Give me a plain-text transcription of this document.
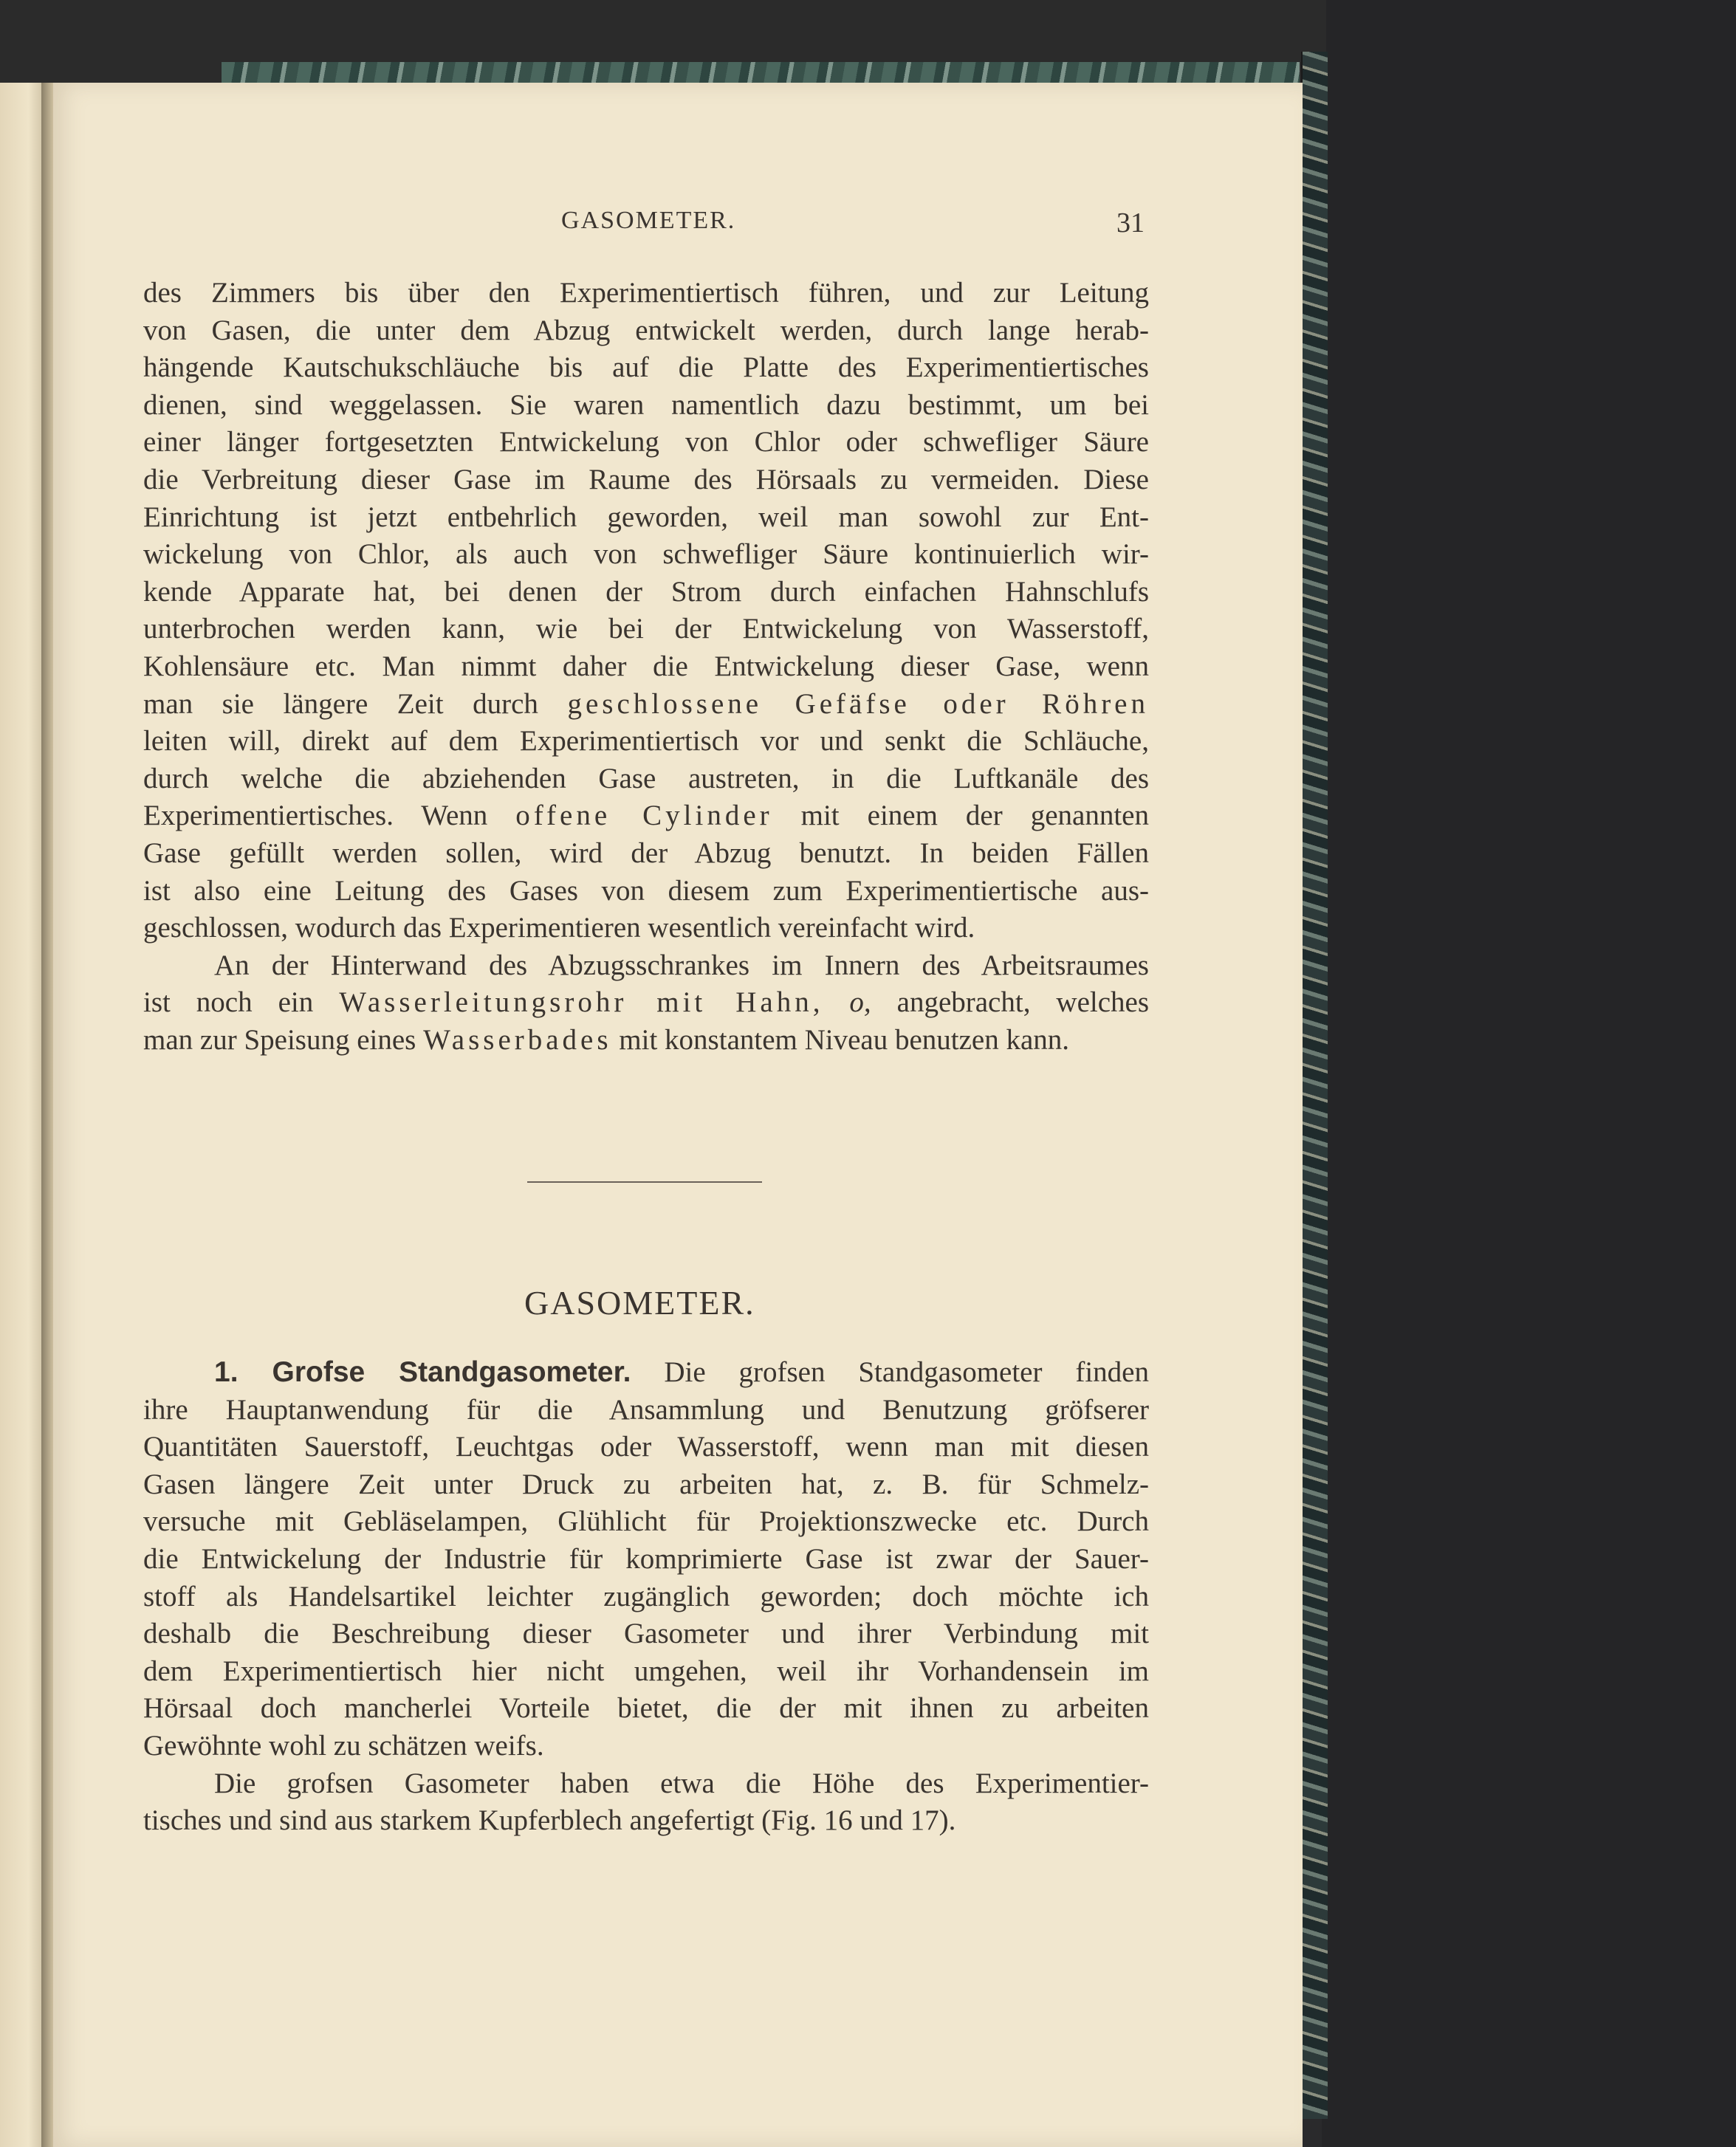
GASOMETER.	31

des Zimmers bis über den Experimentiertisch führen, und zur Leitung

von Gasen, die unter dem Abzug entwickelt werden, durch lange herab-

hängende Kautschukschläuche bis auf die Platte des Experimentiertisches

dienen, sind weggelassen. Sie waren namentlich dazu bestimmt, um bei

einer länger fortgesetzten Entwickelung von Chlor oder schwefliger Säure

die Verbreitung dieser Gase im Raume des Hörsaals zu vermeiden. Diese

Einrichtung ist jetzt entbehrlich geworden, weil man sowohl zur Ent-

wickelung von Chlor, als auch von schwefliger Säure kontinuierlich wir-

kende Apparate hat, bei denen der Strom durch einfachen Hahnschlufs

unterbrochen werden kann, wie bei der Entwickelung von Wasserstoff,

Kohlensäure etc. Man nimmt daher die Entwickelung dieser Gase, wenn

man sie längere Zeit durch geschlossene Gefäfse oder Röhren

leiten will, direkt auf dem Experimentiertisch vor und senkt die Schläuche,

durch welche die abziehenden Gase austreten, in die Luftkanäle des

Experimentiertisches. Wenn offene Cylinder mit einem der genannten

Gase gefüllt werden sollen, wird der Abzug benutzt. In beiden Fällen

ist also eine Leitung des Gases von diesem zum Experimentiertische aus-

geschlossen, wodurch das Experimentieren wesentlich vereinfacht wird.

An der Hinterwand des Abzugsschrankes im Innern des Arbeitsraumes

ist noch ein Wasserleitungsrohr mit Hahn, o, angebracht, welches

man zur Speisung eines Wasserbades mit konstantem Niveau benutzen kann.

GASOMETER.

1. Grofse Standgasometer. Die grofsen Standgasometer finden

ihre Hauptanwendung für die Ansammlung und Benutzung gröfserer

Quantitäten Sauerstoff, Leuchtgas oder Wasserstoff, wenn man mit diesen

Gasen längere Zeit unter Druck zu arbeiten hat, z. B. für Schmelz-

versuche mit Gebläselampen, Glühlicht für Projektionszwecke etc. Durch

die Entwickelung der Industrie für komprimierte Gase ist zwar der Sauer-

stoff als Handelsartikel leichter zugänglich geworden; doch möchte ich

deshalb die Beschreibung dieser Gasometer und ihrer Verbindung mit

dem Experimentiertisch hier nicht umgehen, weil ihr Vorhandensein im

Hörsaal doch mancherlei Vorteile bietet, die der mit ihnen zu arbeiten

Gewöhnte wohl zu schätzen weifs.

Die grofsen Gasometer haben etwa die Höhe des Experimentier-

tisches und sind aus starkem Kupferblech angefertigt (Fig. 16 und 17).
